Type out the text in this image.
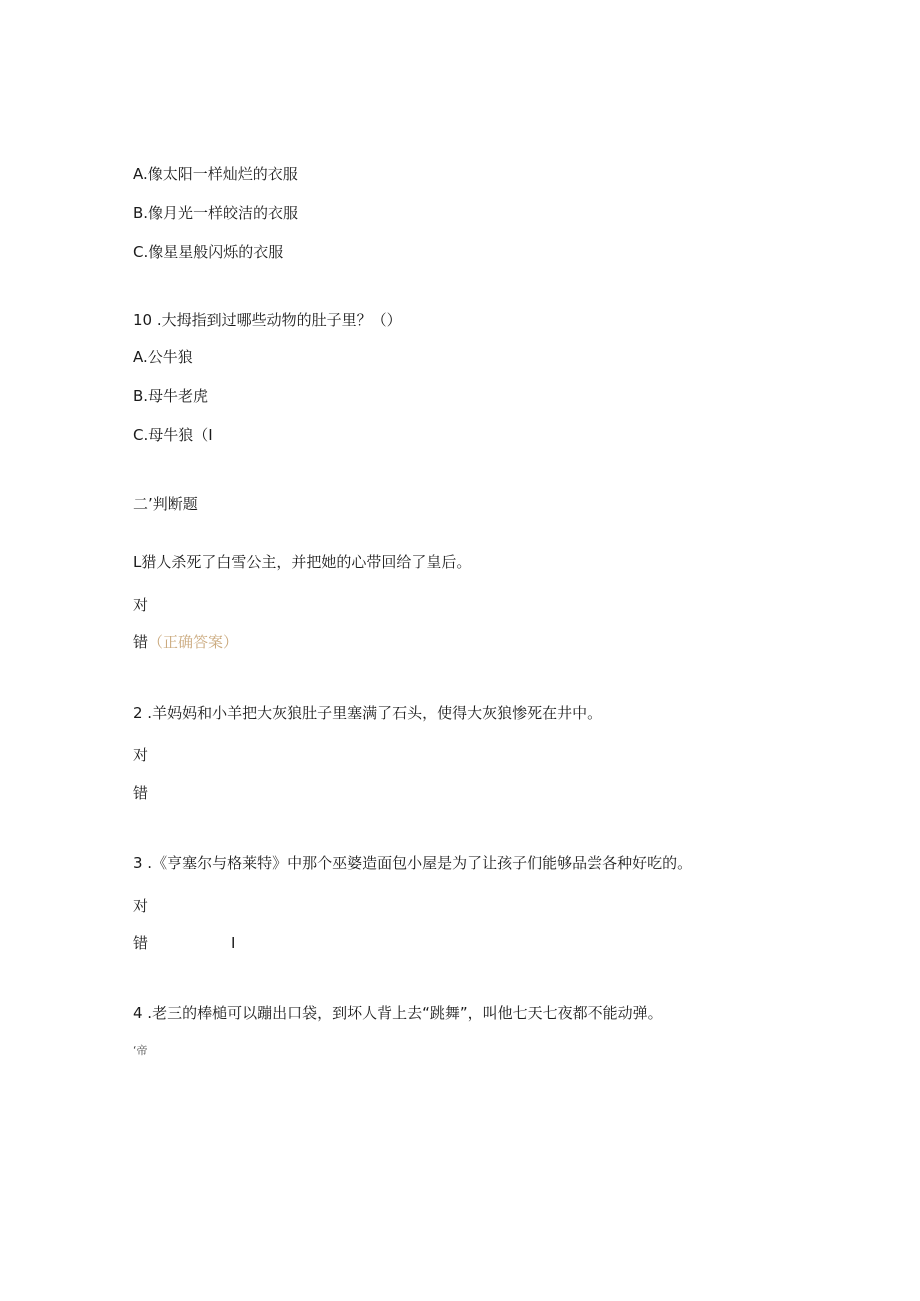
A.像太阳一样灿烂的衣服
B.像月光一样皎洁的衣服
C.像星星般闪烁的衣服
10 .大拇指到过哪些动物的肚子里？（）
A.公牛狼
B.母牛老虎
C.母牛狼（I
二’判断题
L猎人杀死了白雪公主，并把她的心带回给了皇后。
对
错（正确答案）
2 .羊妈妈和小羊把大灰狼肚子里塞满了石头，使得大灰狼惨死在井中。
对
错
3 .《亨塞尔与格莱特》中那个巫婆造面包小屋是为了让孩子们能够品尝各种好吃的。
对
错	I
4 .老三的棒槌可以蹦出口袋，到坏人背上去“跳舞”，叫他七天七夜都不能动弹。
‘帝
